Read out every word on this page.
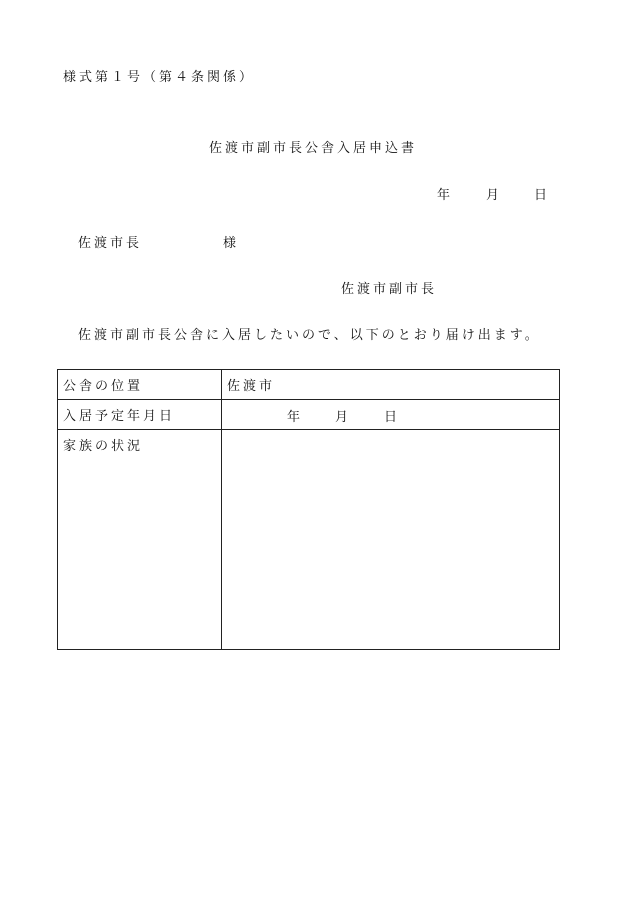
様式第１号（第４条関係）
佐渡市副市長公舎入居申込書
年	月 日
佐渡市長	様
佐渡市副市長
佐渡市副市長公舎に入居したいので、以下のとおり届け出ます。
公舎の位置	佐渡市
入居予定年月日	年 月 日

家族の状況	
